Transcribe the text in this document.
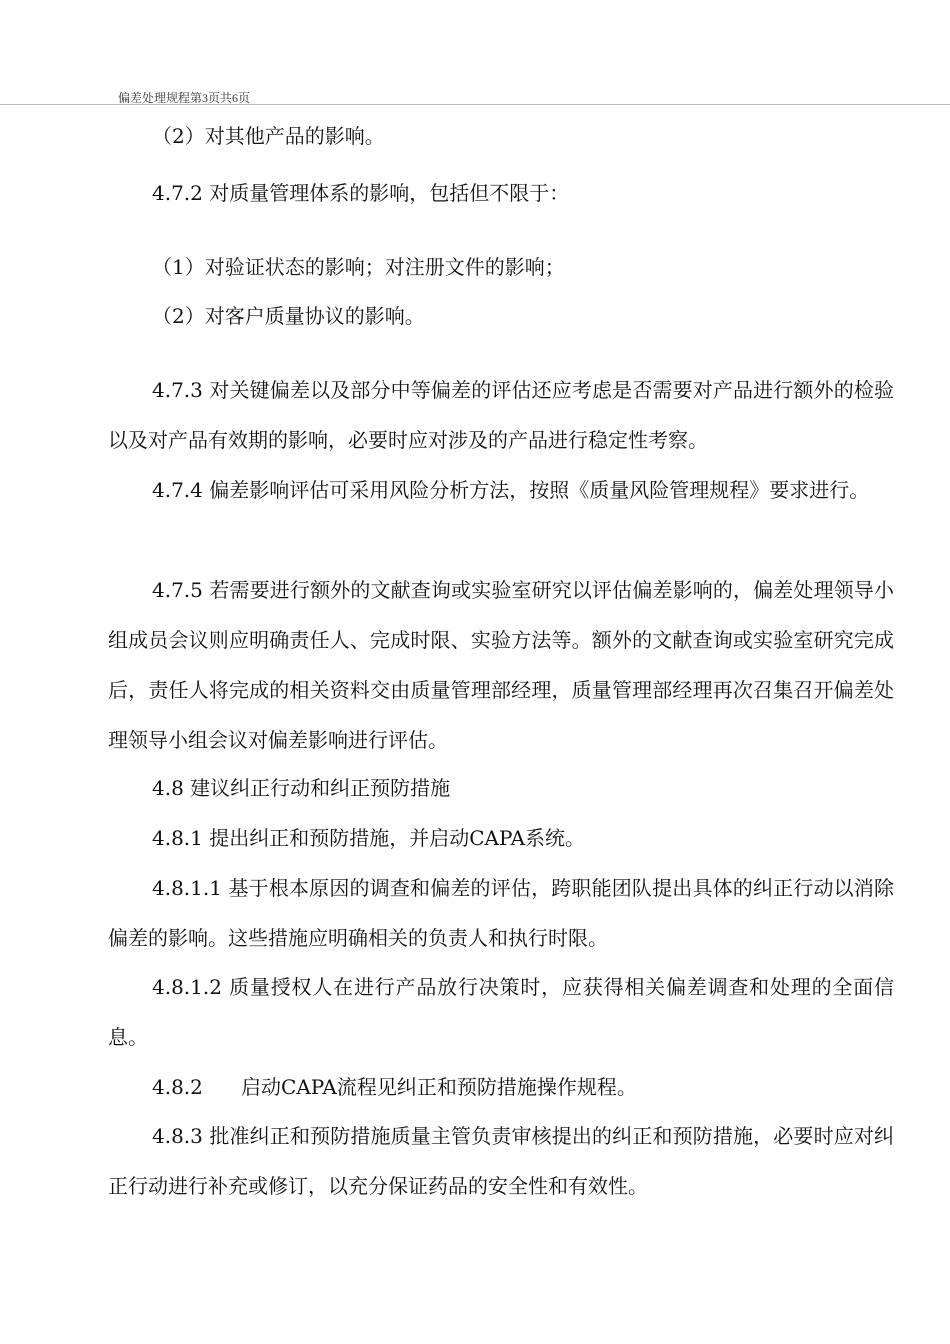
偏差处理规程第3页共6页

（2）对其他产品的影响。

4.7.2 对质量管理体系的影响，包括但不限于：

（1）对验证状态的影响；对注册文件的影响；

（2）对客户质量协议的影响。

4.7.3 对关键偏差以及部分中等偏差的评估还应考虑是否需要对产品进行额外的检验以及对产品有效期的影响，必要时应对涉及的产品进行稳定性考察。

4.7.4 偏差影响评估可采用风险分析方法，按照《质量风险管理规程》要求进行。

4.7.5 若需要进行额外的文献查询或实验室研究以评估偏差影响的，偏差处理领导小组成员会议则应明确责任人、完成时限、实验方法等。额外的文献查询或实验室研究完成后，责任人将完成的相关资料交由质量管理部经理，质量管理部经理再次召集召开偏差处理领导小组会议对偏差影响进行评估。

4.8 建议纠正行动和纠正预防措施

4.8.1 提出纠正和预防措施，并启动CAPA系统。

4.8.1.1 基于根本原因的调查和偏差的评估，跨职能团队提出具体的纠正行动以消除偏差的影响。这些措施应明确相关的负责人和执行时限。

4.8.1.2 质量授权人在进行产品放行决策时，应获得相关偏差调查和处理的全面信息。

4.8.2      启动CAPA流程见纠正和预防措施操作规程。

4.8.3 批准纠正和预防措施质量主管负责审核提出的纠正和预防措施，必要时应对纠正行动进行补充或修订，以充分保证药品的安全性和有效性。
